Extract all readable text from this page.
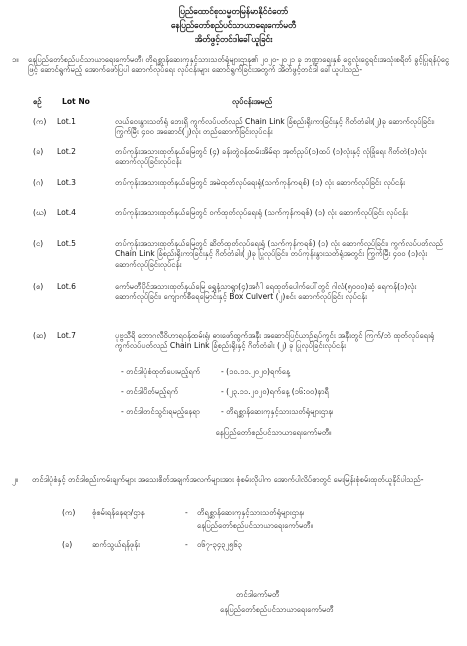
ပြည်ထောင်စုသမ္မတမြန်မာနိုင်ငံတော်
နေပြည်တော်စည်ပင်သာယာရေးကော်မတီ
အိတ်ဖွင့်တင်ဒါခေါ်ယူခြင်း
၁။ နေပြည်တော်စည်ပင်သာယာရေးကော်မတီ၊ တိရစ္ဆာန်ဆေးကုနှင့်သားသတ်ရုံများဌာန၏ ၂၀၂၀-၂၀၂၁ ခု ဘဏ္ဍာရေးနှစ် ငွေလုံးငွေရင်းအသုံးစရိတ် ခွင့်ပြုရန်ပုံငွေဖြင့် ဆောင်ရွက်မည့် အောက်ဖော်ပြပါ ဆောက်လုပ်ရေး လုပ်ငန်းများ ဆောင်ရွက်ခြင်းအတွက် အိတ်ဖွင့်တင်ဒါ ခေါ်ယူပါသည်-
စဉ်	Lot No	လုပ်ငန်းအမည်
(က) Lot.1	လယ်ဝေးနွားသတ်ရုံ ဘေးရှိ ကွက်လပ်ပတ်လည် Chain Link ခြံစည်းရိုးကာခြင်းနှင့် ဂိတ်တံခါး(၂)ခု ဆောက်လုပ်ခြင်း၊ ကြွက်မြီး ၄၀၀ အဆောင်(၂)လုံး တည်ဆောက်ခြင်းလုပ်ငန်း
(ခ) Lot.2	တပ်ကုန်းအသားထုတ်နယ်မြေတွင် (၄) ခန်းတွဲဝန်ထမ်းအိမ်ရာ အုတ်ညှပ်(၁)ထပ် (၁)လုံးနှင့် လုံခြုံရေး ဂိတ်တဲ(၁)လုံး ဆောက်လုပ်ခြင်းလုပ်ငန်း
(ဂ) Lot.3	တပ်ကုန်းအသားထုတ်နယ်မြေတွင် အမဲထုတ်လုပ်ရေးရုံ(သက်ကုန်ကရစ်) (၁) လုံး ဆောက်လုပ်ခြင်း လုပ်ငန်း
(ဃ) Lot.4	တပ်ကုန်းအသားထုတ်နယ်မြေတွင် ဝက်ထုတ်လုပ်ရေးရုံ (သက်ကုန်ကရစ်) (၁) လုံး ဆောက်လုပ်ခြင်း လုပ်ငန်း
(င) Lot.5	တပ်ကုန်းအသားထုတ်နယ်မြေတွင် ဆိတ်ထုတ်လုပ်ရေးရုံ (သက်ကုန်ကရစ်) (၁) လုံး ဆောက်လုပ်ခြင်း၊ ကွက်လပ်ပတ်လည် Chain Link ခြံစည်းရိုးကာခြင်းနှင့် ဂိတ်တံခါး(၂)ခု ပြုလုပ်ခြင်း၊ တပ်ကုန်းနွားသတ်ရုံအတွင်း ကြွက်မြီး ၄၀၀ (၁)လုံး ဆောက်လုပ်ခြင်းလုပ်ငန်း
(စ) Lot.6	ကော်မတီပိုင်အသားထုတ်နယ်မြေ ရွှေနံ့သာရွာ(၄)အင်္ဂါ ရေထုတ်ပေါက်ပေါ်တွင် ဂါလံ(၅၀၀၀)ဆံ့ ရေကန်(၁)လုံး ဆောက်လုပ်ခြင်း၊ ကျောက်စီရေမြောင်းနှင့် Box Culvert (၂)စင်း ဆောက်လုပ်ခြင်း လုပ်ငန်း
(ဆ) Lot.7	ပုဗ္ဗသီရိ ဘောဂလီဝိဟာရဝန်ထမ်းရုံ၊ ဓားဖော်ထွက်အနီး အဆောင်ပြင်ယာဉ်ရပ်ကွင်း အနီးတွင် ကြက်/ဘဲ ထုတ်လုပ်ရေးရုံ ကွက်လပ်ပတ်လည် Chain Link ခြံစည်းရိုးနှင့် ဂိတ်တံခါး (၂) ခု ပြုလုပ်ခြင်းလုပ်ငန်း
- တင်ဒါပုံစံထုတ်ပေးမည့်ရက်	- (၁၀.၁၁.၂၀၂၀)ရက်နေ့
- တင်ဒါပိတ်မည့်ရက်	- (၂၃.၁၁.၂၀၂၀)ရက်နေ့ (၁၆:၀၀)နာရီ
- တင်ဒါတင်သွင်းရမည့်နေရာ	- တိရစ္ဆာန်ဆေးကုနှင့်သားသတ်ရုံများဌာန၊
နေပြည်တော်စည်ပင်သာယာရေးကော်မတီ။
၂။ တင်ဒါပုံစံနှင့် တင်ဒါစည်းကမ်းချက်များ အသေးစိတ်အချက်အလက်များအား စုံစမ်းလိုပါက အောက်ပါလိပ်စာတွင် မေးမြန်းစုံစမ်းထုတ်ယူနိုင်ပါသည်-
(က) စုံစမ်းရန်နေရာ/ဌာန	- တိရစ္ဆာန်ဆေးကုနှင့်သားသတ်ရုံများဌာန၊
နေပြည်တော်စည်ပင်သာယာရေးကော်မတီ။
(ခ)	ဆက်သွယ်ရန်ဖုန်း	- ၀၆၇-၃၄၃၂၅၆၃
တင်ဒါကော်မတီ
နေပြည်တော်စည်ပင်သာယာရေးကော်မတီ
